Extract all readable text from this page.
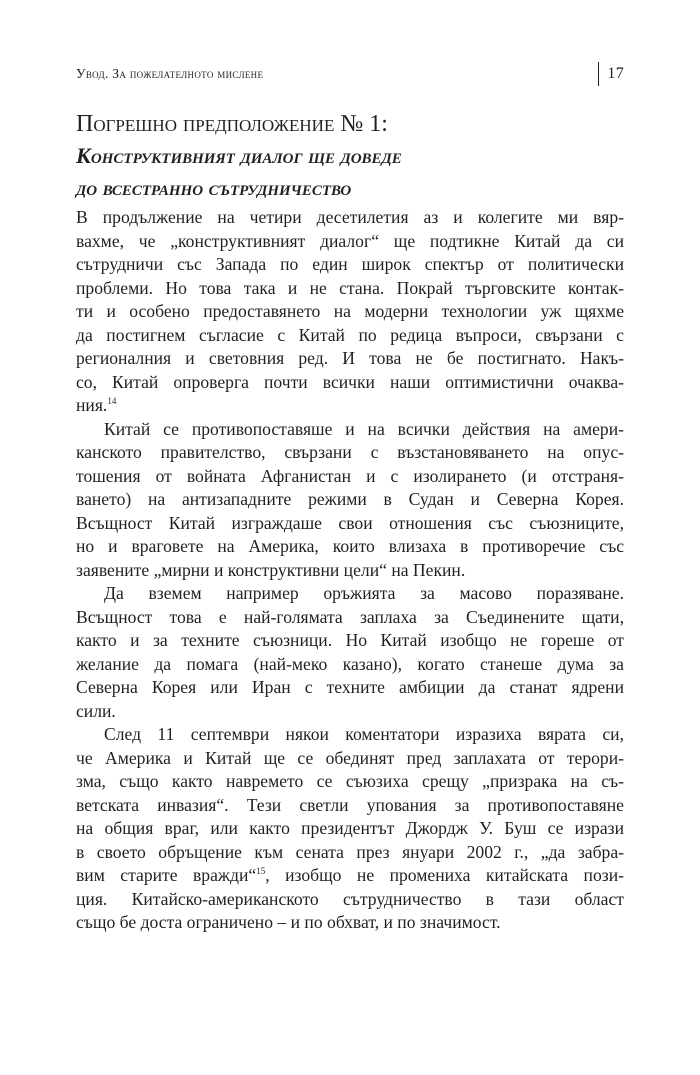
Увод. За пожелателното мислене	17
Погрешно предположение № 1:
Конструктивният диалог ще доведе
до всестранно сътрудничество

В продължение на четири десетилетия аз и колегите ми вяр-
вахме, че „конструктивният диалог“ ще подтикне Китай да си
сътрудничи със Запада по един широк спектър от политически
проблеми. Но това така и не стана. Покрай търговските контак-
ти и особено предоставянето на модерни технологии уж щяхме
да постигнем съгласие с Китай по редица въпроси, свързани с
регионалния и световния ред. И това не бе постигнато. Накъ-
со, Китай опроверга почти всички наши оптимистични очаква-
ния.$^{14}$

Китай се противопоставяше и на всички действия на амери-
канското правителство, свързани с възстановяването на опус-
тошения от войната Афганистан и с изолирането (и отстраня-
ването) на антизападните режими в Судан и Северна Корея.
Всъщност Китай изграждаше свои отношения със съюзниците,
но и враговете на Америка, които влизаха в противоречие със
заявените „мирни и конструктивни цели“ на Пекин.

Да вземем например оръжията за масово поразяване.
Всъщност това е най-голямата заплаха за Съединените щати,
както и за техните съюзници. Но Китай изобщо не гореше от
желание да помага (най-меко казано), когато станеше дума за
Северна Корея или Иран с техните амбиции да станат ядрени
сили.

След 11 септември някои коментатори изразиха вярата си,
че Америка и Китай ще се обединят пред заплахата от терори-
зма, също както навремето се съюзиха срещу „призрака на съ-
ветската инвазия“. Тези светли упования за противопоставяне
на общия враг, или както президентът Джордж У. Буш се изрази
в своето обръщение към сената през януари 2002 г., „да забра-
вим старите вражди“$^{15}$, изобщо не промениха китайската пози-
ция. Китайско-американското сътрудничество в тази област
също бе доста ограничено – и по обхват, и по значимост.
